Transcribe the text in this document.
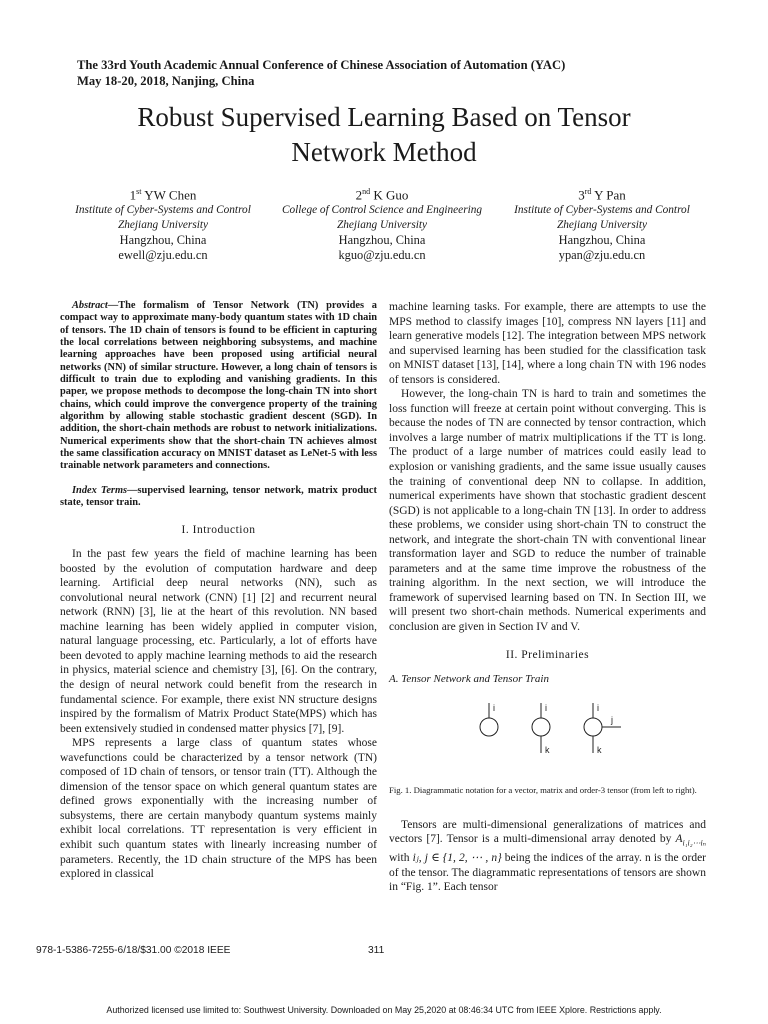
The 33rd Youth Academic Annual Conference of Chinese Association of Automation (YAC)
May 18-20, 2018, Nanjing, China
Robust Supervised Learning Based on Tensor
Network Method
1st YW Chen
Institute of Cyber-Systems and Control
Zhejiang University
Hangzhou, China
ewell@zju.edu.cn
2nd K Guo
College of Control Science and Engineering
Zhejiang University
Hangzhou, China
kguo@zju.edu.cn
3rd Y Pan
Institute of Cyber-Systems and Control
Zhejiang University
Hangzhou, China
ypan@zju.edu.cn

Abstract—The formalism of Tensor Network (TN) provides a compact way to approximate many-body quantum states with 1D chain of tensors. The 1D chain of tensors is found to be efficient in capturing the local correlations between neighboring subsystems, and machine learning approaches have been proposed using artificial neural networks (NN) of similar structure. However, a long chain of tensors is difficult to train due to exploding and vanishing gradients. In this paper, we propose methods to decompose the long-chain TN into short chains, which could improve the convergence property of the training algorithm by allowing stable stochastic gradient descent (SGD). In addition, the short-chain methods are robust to network initializations. Numerical experiments show that the short-chain TN achieves almost the same classification accuracy on MNIST dataset as LeNet-5 with less trainable network parameters and connections.

Index Terms—supervised learning, tensor network, matrix product state, tensor train.

I. Introduction

In the past few years the field of machine learning has been boosted by the evolution of computation hardware and deep learning. Artificial deep neural networks (NN), such as convolutional neural network (CNN) [1] [2] and recurrent neural network (RNN) [3], lie at the heart of this revolution. NN based machine learning has been widely applied in computer vision, natural language processing, etc. Particularly, a lot of efforts have been devoted to apply machine learning methods to aid the research in physics, material science and chemistry [3], [6]. On the contrary, the design of neural network could benefit from the research in fundamental science. For example, there exist NN structure designs inspired by the formalism of Matrix Product State(MPS) which has been extensively studied in condensed matter physics [7], [9].

MPS represents a large class of quantum states whose wavefunctions could be characterized by a tensor network (TN) composed of 1D chain of tensors, or tensor train (TT). Although the dimension of the tensor space on which general quantum states are defined grows exponentially with the increasing number of subsystems, there are certain manybody quantum systems mainly exhibit local correlations. TT representation is very efficient in exhibit such quantum states with linearly increasing number of parameters. Recently, the 1D chain structure of the MPS has been explored in classical

machine learning tasks. For example, there are attempts to use the MPS method to classify images [10], compress NN layers [11] and learn generative models [12]. The integration between MPS network and supervised learning has been studied for the classification task on MNIST dataset [13], [14], where a long chain TN with 196 nodes of tensors is considered.

However, the long-chain TN is hard to train and sometimes the loss function will freeze at certain point without converging. This is because the nodes of TN are connected by tensor contraction, which involves a large number of matrix multiplications if the TT is long. The product of a large number of matrices could easily lead to explosion or vanishing gradients, and the same issue usually causes the training of conventional deep NN to collapse. In addition, numerical experiments have shown that stochastic gradient descent (SGD) is not applicable to a long-chain TN [13]. In order to address these problems, we consider using short-chain TN to construct the network, and integrate the short-chain TN with conventional linear transformation layer and SGD to reduce the number of trainable parameters and at the same time improve the robustness of the training algorithm. In the next section, we will introduce the framework of supervised learning based on TN. In Section III, we will present two short-chain methods. Numerical experiments and conclusion are given in Section IV and V.

II. Preliminaries

A. Tensor Network and Tensor Train

i	i
k
i
j
k

Fig. 1. Diagrammatic notation for a vector, matrix and order-3 tensor (from left to right).

Tensors are multi-dimensional generalizations of matrices and vectors [7]. Tensor is a multi-dimensional array denoted by $A_{i_1i_2\cdots i_n}$ with iⱼ, j ∈ {1, 2, ⋯ , n} being the indices of the array. n is the order of the tensor. The diagrammatic representations of tensors are shown in “Fig. 1”. Each tensor

978-1-5386-7255-6/18/$31.00 ©2018 IEEE	311
Authorized licensed use limited to: Southwest University. Downloaded on May 25,2020 at 08:46:34 UTC from IEEE Xplore. Restrictions apply.
